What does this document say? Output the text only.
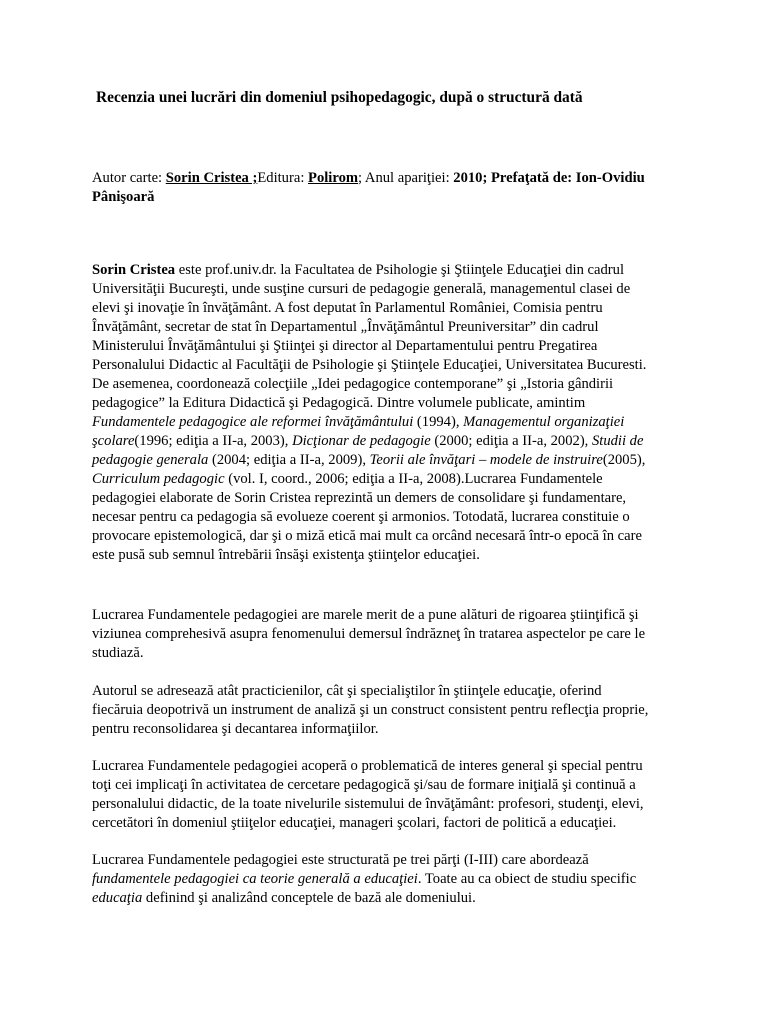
Recenzia unei lucrări din domeniul psihopedagogic, după o structură dată
Autor carte: Sorin Cristea ;Editura: Polirom; Anul apariţiei: 2010; Prefaţată de: Ion-Ovidiu Pânişoară

Sorin Cristea este prof.univ.dr. la Facultatea de Psihologie şi Ştiinţele Educaţiei din cadrul Universităţii Bucureşti, unde susţine cursuri de pedagogie generală, managementul clasei de elevi şi inovaţie în învăţământ. A fost deputat în Parlamentul României, Comisia pentru Învăţământ, secretar de stat în Departamentul „Învăţământul Preuniversitar” din cadrul Ministerului Învăţământului şi Ştiinţei şi director al Departamentului pentru Pregatirea Personalului Didactic al Facultăţii de Psihologie şi Ştiinţele Educaţiei, Universitatea Bucuresti. De asemenea, coordonează colecţiile „Idei pedagogice contemporane” şi „Istoria gândirii pedagogice” la Editura Didactică şi Pedagogică. Dintre volumele publicate, amintim Fundamentele pedagogice ale reformei învăţământului (1994), Managementul organizaţiei şcolare(1996; ediţia a II-a, 2003), Dicţionar de pedagogie (2000; ediţia a II-a, 2002), Studii de pedagogie generala (2004; ediţia a II-a, 2009), Teorii ale învăţari – modele de instruire(2005), Curriculum pedagogic (vol. I, coord., 2006; ediţia a II-a, 2008).Lucrarea Fundamentele pedagogiei elaborate de Sorin Cristea reprezintă un demers de consolidare şi fundamentare, necesar pentru ca pedagogia să evolueze coerent şi armonios. Totodată, lucrarea constituie o provocare epistemologică, dar şi o miză etică mai mult ca orcând necesară într-o epocă în care este pusă sub semnul întrebării însăşi existenţa ştiinţelor educaţiei.

Lucrarea Fundamentele pedagogiei are marele merit de a pune alături de rigoarea ştiinţifică şi viziunea comprehesivă asupra fenomenului demersul îndrăzneţ în tratarea aspectelor pe care le studiază.

Autorul se adresează atât practicienilor, cât şi specialiştilor în ştiinţele educaţie, oferind fiecăruia deopotrivă un instrument de analiză şi un construct consistent pentru reflecţia proprie, pentru reconsolidarea şi decantarea informaţiilor.

Lucrarea Fundamentele pedagogiei acoperă o problematică de interes general şi special pentru toţi cei implicaţi în activitatea de cercetare pedagogică şi/sau de formare iniţială şi continuă a personalului didactic, de la toate nivelurile sistemului de învăţământ: profesori, studenţi, elevi, cercetători în domeniul ştiiţelor educaţiei, manageri şcolari, factori de politică a educaţiei.

Lucrarea Fundamentele pedagogiei este structurată pe trei părţi (I-III) care abordează fundamentele pedagogiei ca teorie generală a educaţiei. Toate au ca obiect de studiu specific educaţia definind şi analizând conceptele de bază ale domeniului.
